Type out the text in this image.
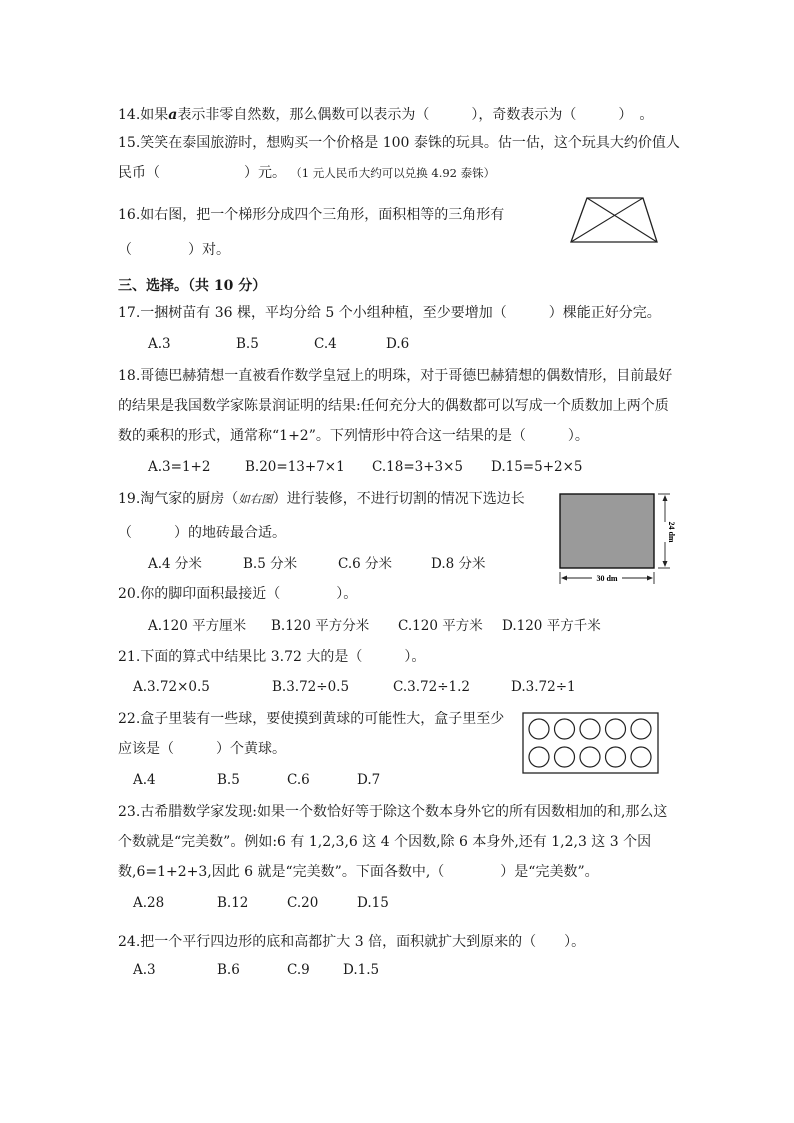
14.如果a表示非零自然数，那么偶数可以表示为（　　　），奇数表示为（　　　）　。
15.笑笑在泰国旅游时，想购买一个价格是 100 泰铢的玩具。估一估，这个玩具大约价值人
民币（　　　　　　）元。 （1 元人民币大约可以兑换 4.92 泰铢）
16.如右图，把一个梯形分成四个三角形，面积相等的三角形有
（　　　　）对。
三、选择。（共 10 分）
17.一捆树苗有 36 棵，平均分给 5 个小组种植，至少要增加（　　　）棵能正好分完。
A.3	B.5	C.4	D.6
18.哥德巴赫猜想一直被看作数学皇冠上的明珠，对于哥德巴赫猜想的偶数情形，目前最好
的结果是我国数学家陈景润证明的结果:任何充分大的偶数都可以写成一个质数加上两个质
数的乘积的形式，通常称“1+2”。下列情形中符合这一结果的是（　　　）。
A.3=1+2	B.20=13+7×1 C.18=3+3×5 D.15=5+2×5
19.淘气家的厨房（如右图）进行装修，不进行切割的情况下选边长
（　　　）的地砖最合适。
A.4 分米	B.5 分米	C.6 分米	D.8 分米
24 dm
30 dm
20.你的脚印面积最接近（　　　　）。
A.120 平方厘米 B.120 平方分米 C.120 平方米 D.120 平方千米
21.下面的算式中结果比 3.72 大的是（　　　）。
A.3.72×0.5	B.3.72÷0.5	C.3.72÷1.2	D.3.72÷1
22.盒子里装有一些球，要使摸到黄球的可能性大，盒子里至少
应该是（　　　）个黄球。
A.4	B.5	C.6	D.7
23.古希腊数学家发现:如果一个数恰好等于除这个数本身外它的所有因数相加的和,那么这
个数就是“完美数”。例如:6 有 1,2,3,6 这 4 个因数,除 6 本身外,还有 1,2,3 这 3 个因
数,6=1+2+3,因此 6 就是“完美数”。下面各数中,（　　　　）是“完美数”。
A.28	B.12	C.20	D.15
24.把一个平行四边形的底和高都扩大 3 倍，面积就扩大到原来的（　　）。
A.3	B.6	C.9 D.1.5
